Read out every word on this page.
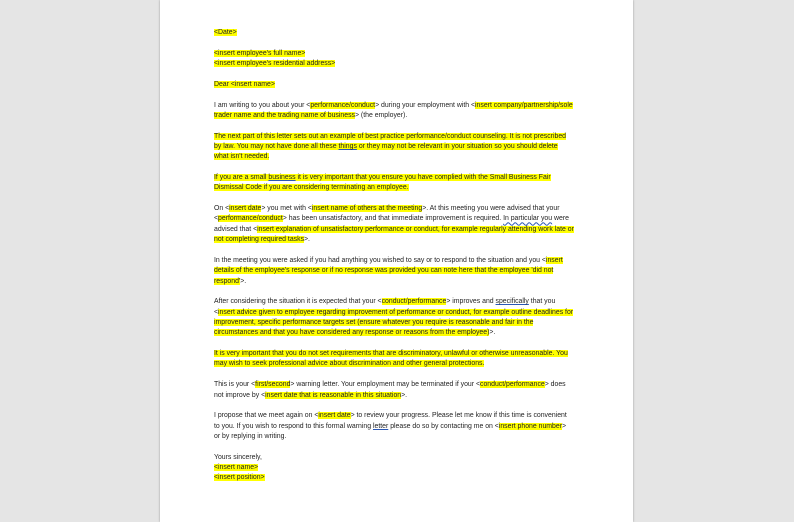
<Date>

<insert employee's full name>

<insert employee's residential address>

Dear <insert name>

I am writing to you about your <performance/conduct> during your employment with <insert company/partnership/sole trader name and the trading name of business> (the employer).

The next part of this letter sets out an example of best practice performance/conduct counseling. It is not prescribed by law. You may not have done all these things or they may not be relevant in your situation so you should delete what isn't needed.

If you are a small business it is very important that you ensure you have complied with the Small Business Fair Dismissal Code if you are considering terminating an employee.

On <insert date> you met with <insert name of others at the meeting>. At this meeting you were advised that your <performance/conduct> has been unsatisfactory, and that immediate improvement is required. In particular you were advised that <insert explanation of unsatisfactory performance or conduct, for example regularly attending work late or not completing required tasks>.

In the meeting you were asked if you had anything you wished to say or to respond to the situation and you <insert details of the employee's response or if no response was provided you can note here that the employee 'did not respond'>.

After considering the situation it is expected that your <conduct/performance> improves and specifically that you <insert advice given to employee regarding improvement of performance or conduct, for example outline deadlines for improvement, specific performance targets set (ensure whatever you require is reasonable and fair in the circumstances and that you have considered any response or reasons from the employee)>.

It is very important that you do not set requirements that are discriminatory, unlawful or otherwise unreasonable. You may wish to seek professional advice about discrimination and other general protections.

This is your <first/second> warning letter. Your employment may be terminated if your <conduct/performance> does not improve by <insert date that is reasonable in this situation>.

I propose that we meet again on <insert date> to review your progress. Please let me know if this time is convenient to you. If you wish to respond to this formal warning letter please do so by contacting me on <insert phone number> or by replying in writing.

Yours sincerely,

<insert name>

<insert position>
